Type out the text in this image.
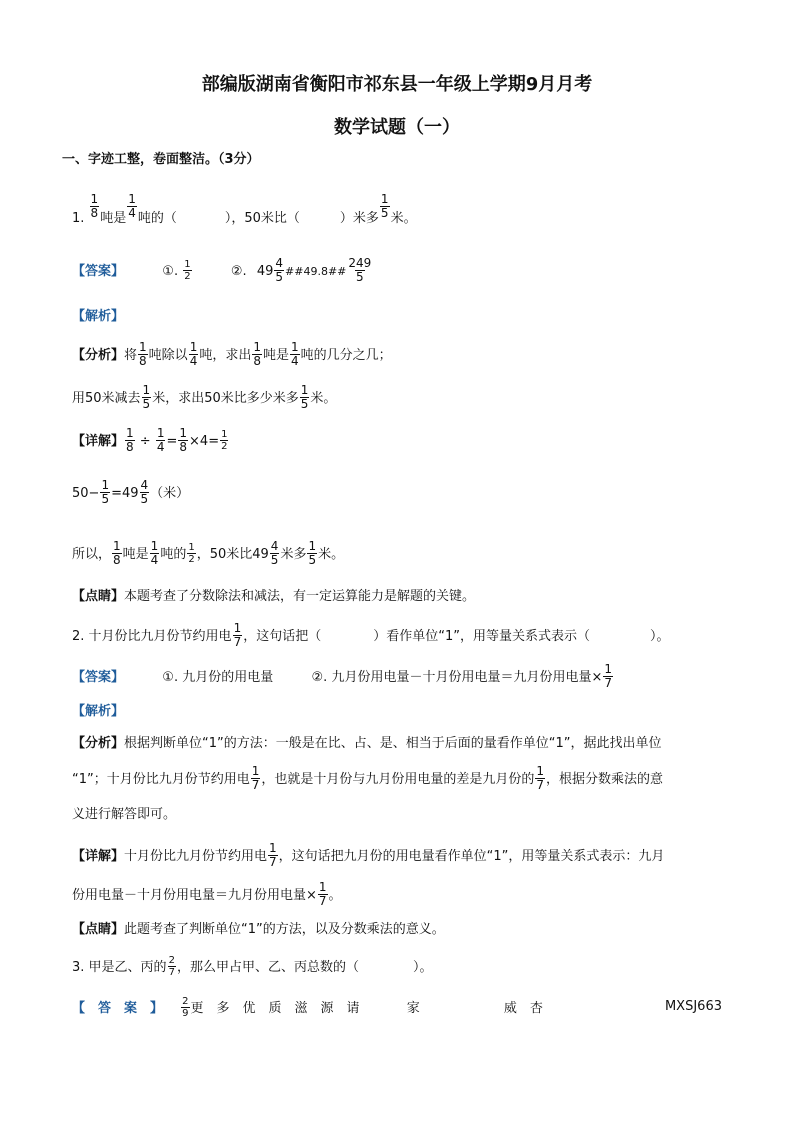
部编版湖南省衡阳市祁东县一年级上学期9月月考
数学试题（一）
一、字迹工整，卷面整洁。（3分）
1. $\frac{1}{8}$ 吨是 $\frac{1}{4}$ 吨的（	），50米比（	）米多 $\frac{1}{5}$ 米。
【答案】	①. $\frac{1}{2}$	②. $49 \frac{4}{5}$ ##49.8## $\frac{249}{5}$
【解析】
【分析】将 $\frac{1}{8}$ 吨除以 $\frac{1}{4}$ 吨，求出 $\frac{1}{8}$ 吨是 $\frac{1}{4}$ 吨的几分之几；
用50米减去 $\frac{1}{5}$ 米，求出50米比多少米多 $\frac{1}{5}$ 米。
【详解】 $\frac{1}{8} \div \frac{1}{4} = \frac{1}{8} \times 4= \frac{1}{2}$
$50- \frac{1}{5} =49 \frac{4}{5}$ （米）
所以， $\frac{1}{8}$ 吨是 $\frac{1}{4}$ 吨的 $\frac{1}{2}$ ，50米比$49 \frac{4}{5}$ 米多 $\frac{1}{5}$ 米。
【点睛】本题考查了分数除法和减法，有一定运算能力是解题的关键。
2. 十月份比九月份节约用电 $\frac{1}{7}$ ，这句话把（	）看作单位“1”，用等量关系式表示（	）。
【答案】	①. 九月份的用电量	②. 九月份用电量－十月份用电量＝九月份用电量× $\frac{1}{7}$
【解析】
【分析】根据判断单位“1”的方法：一般是在比、占、是、相当于后面的量看作单位“1”，据此找出单位
“1”；十月份比九月份节约用电 $\frac{1}{7}$ ，也就是十月份与九月份用电量的差是九月份的 $\frac{1}{7}$ ，根据分数乘法的意
义进行解答即可。
【详解】十月份比九月份节约用电 $\frac{1}{7}$ ，这句话把九月份的用电量看作单位“1”，用等量关系式表示：九月
份用电量－十月份用电量＝九月份用电量× $\frac{1}{7}$ 。
【点睛】此题考查了判断单位“1”的方法，以及分数乘法的意义。
3. 甲是乙、丙的 $\frac{2}{7}$ ，那么甲占甲、乙、丙总数的（	）。
【答案】 $\frac{2}{9}$ 更多优质滋源请	家	威杏	MXSJ663
